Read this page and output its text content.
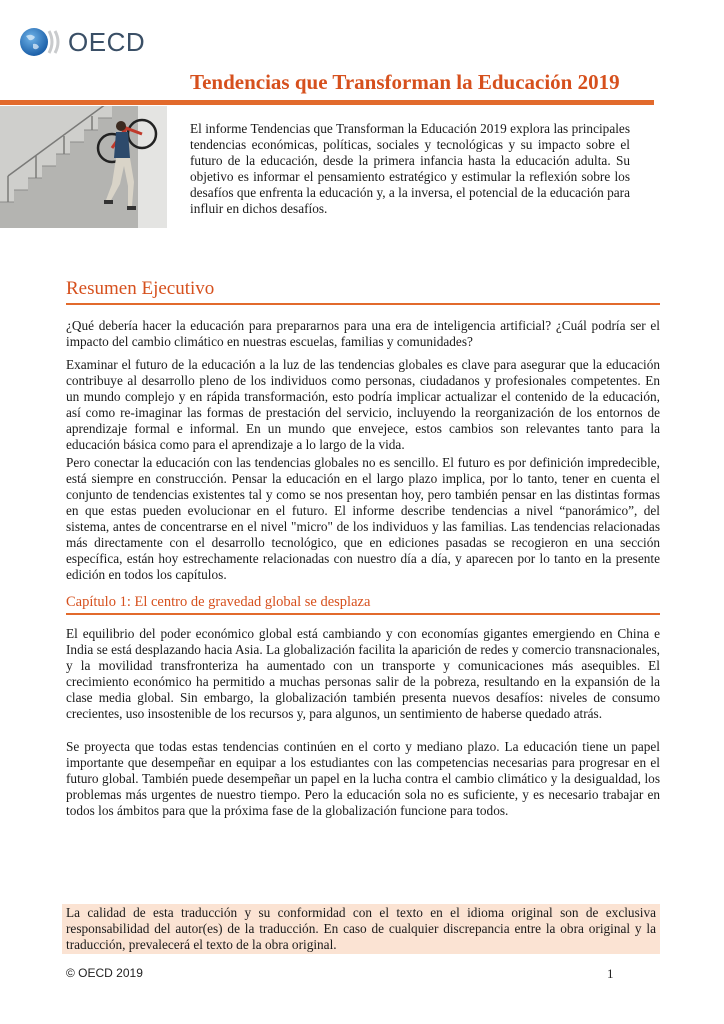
OECD
Tendencias que Transforman la Educación 2019

El informe Tendencias que Transforman la Educación 2019 explora las principales tendencias económicas, políticas, sociales y tecnológicas y su impacto sobre el futuro de la educación, desde la primera infancia hasta la educación adulta. Su objetivo es informar el pensamiento estratégico y estimular la reflexión sobre los desafíos que enfrenta la educación y, a la inversa, el potencial de la educación para influir en dichos desafíos.

Resumen Ejecutivo

¿Qué debería hacer la educación para prepararnos para una era de inteligencia artificial? ¿Cuál podría ser el impacto del cambio climático en nuestras escuelas, familias y comunidades?

Examinar el futuro de la educación a la luz de las tendencias globales es clave para asegurar que la educación contribuye al desarrollo pleno de los individuos como personas, ciudadanos y profesionales competentes. En un mundo complejo y en rápida transformación, esto podría implicar actualizar el contenido de la educación, así como re-imaginar las formas de prestación del servicio, incluyendo la reorganización de los entornos de aprendizaje formal e informal. En un mundo que envejece, estos cambios son relevantes tanto para la educación básica como para el aprendizaje a lo largo de la vida.

Pero conectar la educación con las tendencias globales no es sencillo. El futuro es por definición impredecible, está siempre en construcción. Pensar la educación en el largo plazo implica, por lo tanto, tener en cuenta el conjunto de tendencias existentes tal y como se nos presentan hoy, pero también pensar en las distintas formas en que estas pueden evolucionar en el futuro. El informe describe tendencias a nivel “panorámico”, del sistema, antes de concentrarse en el nivel "micro" de los individuos y las familias. Las tendencias relacionadas más directamente con el desarrollo tecnológico, que en ediciones pasadas se recogieron en una sección específica, están hoy estrechamente relacionadas con nuestro día a día, y aparecen por lo tanto en la presente edición en todos los capítulos.

Capítulo 1: El centro de gravedad global se desplaza

El equilibrio del poder económico global está cambiando y con economías gigantes emergiendo en China e India se está desplazando hacia Asia. La globalización facilita la aparición de redes y comercio transnacionales, y la movilidad transfronteriza ha aumentado con un transporte y comunicaciones más asequibles. El crecimiento económico ha permitido a muchas personas salir de la pobreza, resultando en la expansión de la clase media global. Sin embargo, la globalización también presenta nuevos desafíos: niveles de consumo crecientes, uso insostenible de los recursos y, para algunos, un sentimiento de haberse quedado atrás.

Se proyecta que todas estas tendencias continúen en el corto y mediano plazo. La educación tiene un papel importante que desempeñar en equipar a los estudiantes con las competencias necesarias para progresar en el futuro global. También puede desempeñar un papel en la lucha contra el cambio climático y la desigualdad, los problemas más urgentes de nuestro tiempo. Pero la educación sola no es suficiente, y es necesario trabajar en todos los ámbitos para que la próxima fase de la globalización funcione para todos.

La calidad de esta traducción y su conformidad con el texto en el idioma original son de exclusiva responsabilidad del autor(es) de la traducción. En caso de cualquier discrepancia entre la obra original y la traducción, prevalecerá el texto de la obra original.

© OECD 2019	1
